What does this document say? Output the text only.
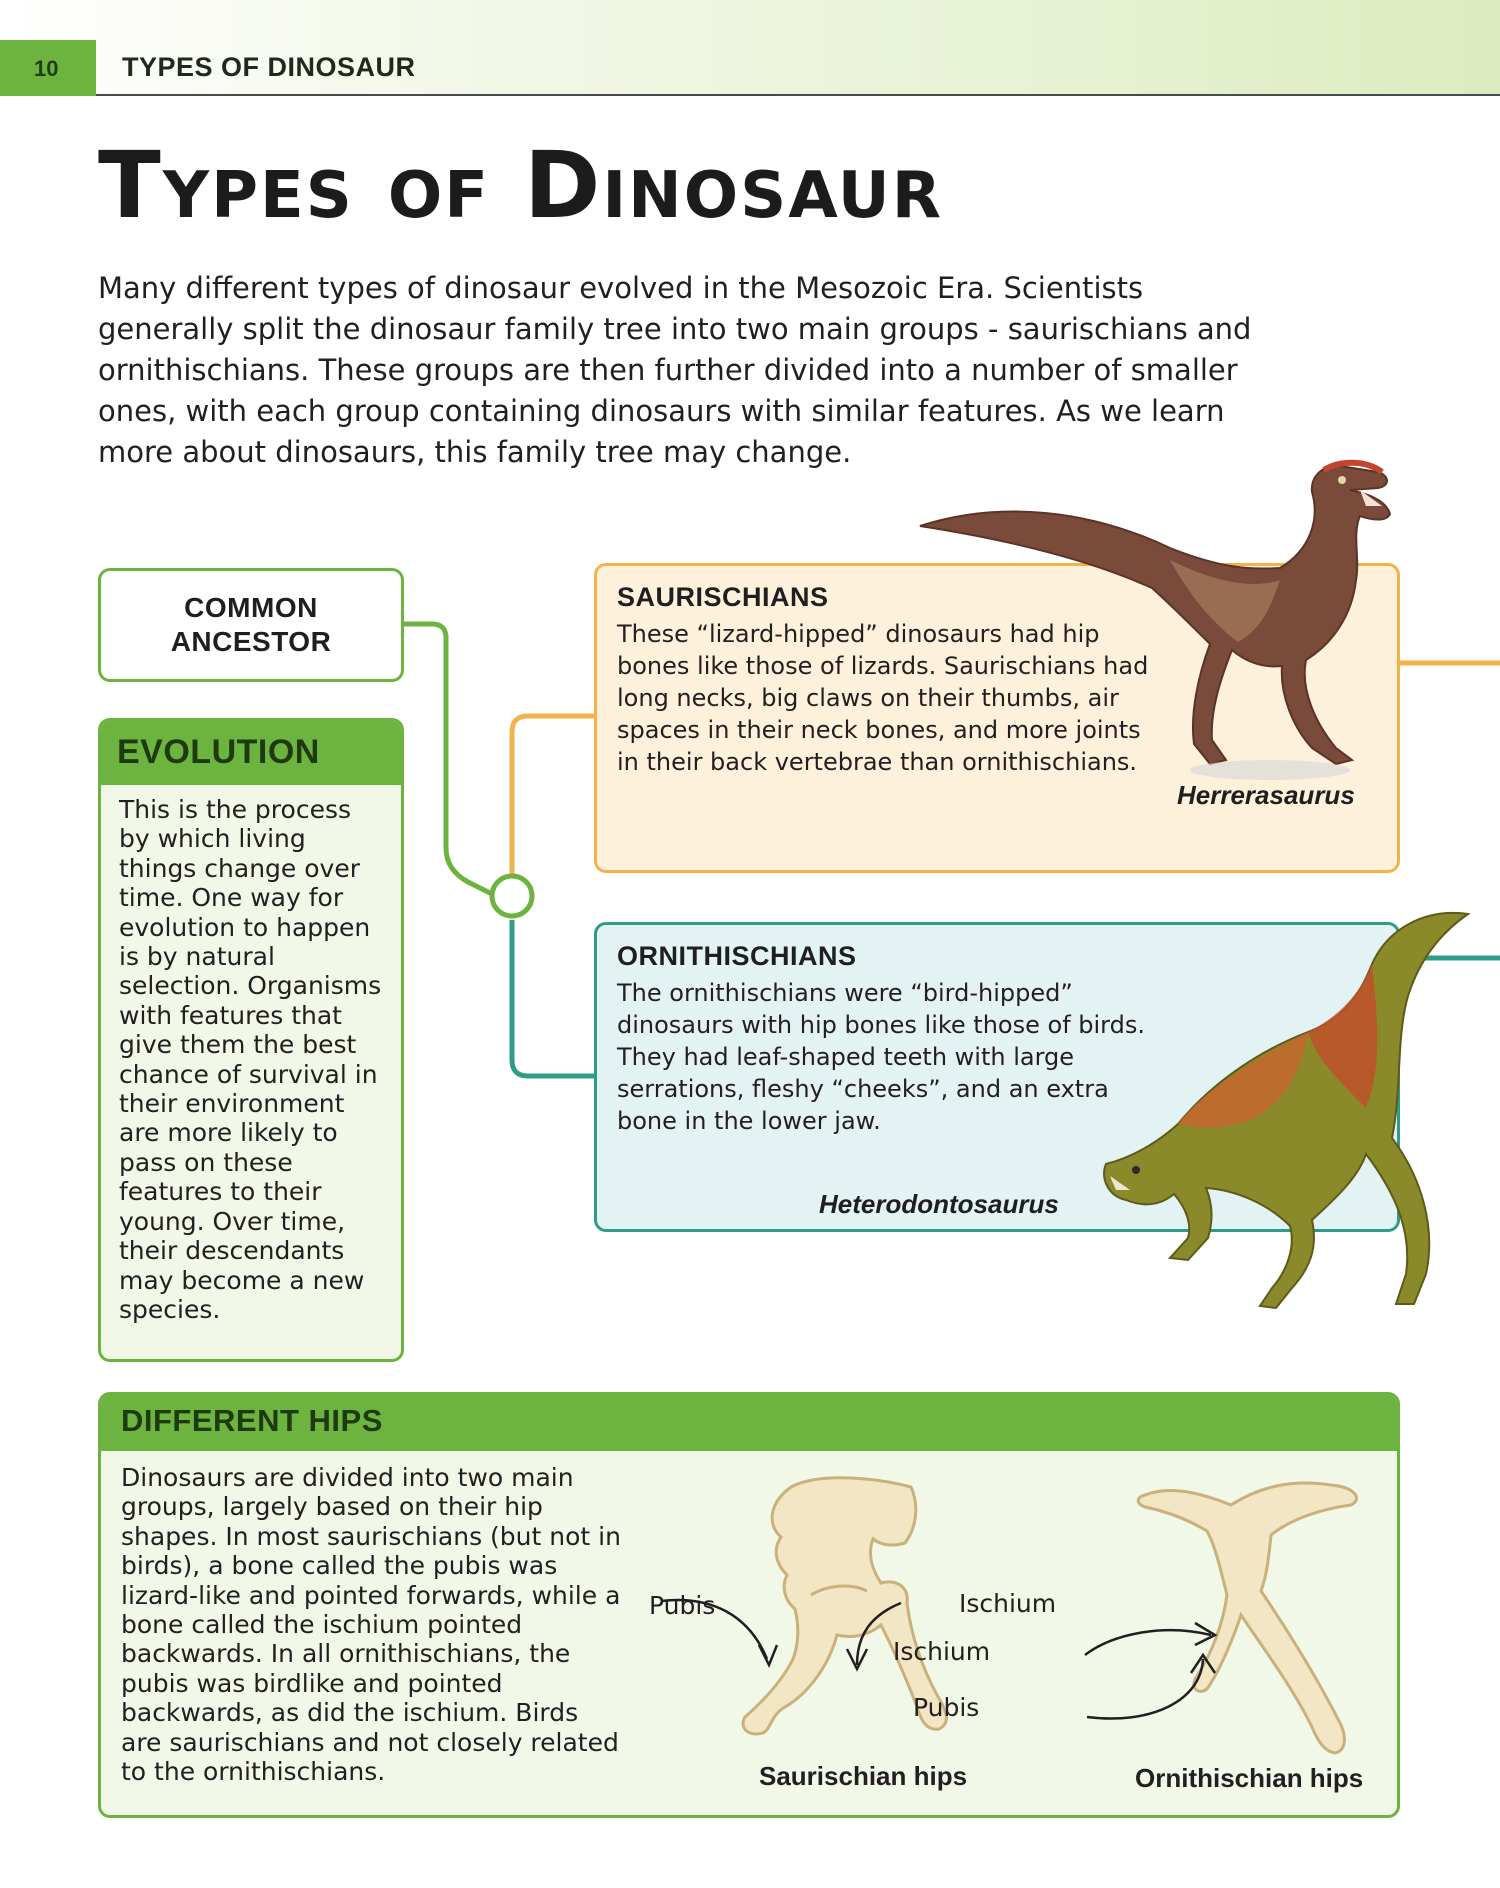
10 TYPES OF DINOSAUR
Types of Dinosaur

Many different types of dinosaur evolved in the Mesozoic Era. Scientists generally split the dinosaur family tree into two main groups - saurischians and ornithischians. These groups are then further divided into a number of smaller ones, with each group containing dinosaurs with similar features. As we learn more about dinosaurs, this family tree may change.

COMMON
ANCESTOR
EVOLUTION
This is the process by which living things change over time. One way for evolution to happen is by natural selection. Organisms with features that give them the best chance of survival in their environment are more likely to pass on these features to their young. Over time, their descendants may become a new species.
SAURISCHIANS
These “lizard-hipped” dinosaurs had hip bones like those of lizards. Saurischians had long necks, big claws on their thumbs, air spaces in their neck bones, and more joints in their back vertebrae than ornithischians.
Herrerasaurus
ORNITHISCHIANS
The ornithischians were “bird-hipped” dinosaurs with hip bones like those of birds. They had leaf-shaped teeth with large serrations, fleshy “cheeks”, and an extra bone in the lower jaw.
Heterodontosaurus
DIFFERENT HIPS
Dinosaurs are divided into two main groups, largely based on their hip shapes. In most saurischians (but not in birds), a bone called the pubis was lizard-like and pointed forwards, while a bone called the ischium pointed backwards. In all ornithischians, the pubis was birdlike and pointed backwards, as did the ischium. Birds are saurischians and not closely related to the ornithischians.
Pubis	Ischium
Saurischian hips
Ischium
Pubis
Ornithischian hips
